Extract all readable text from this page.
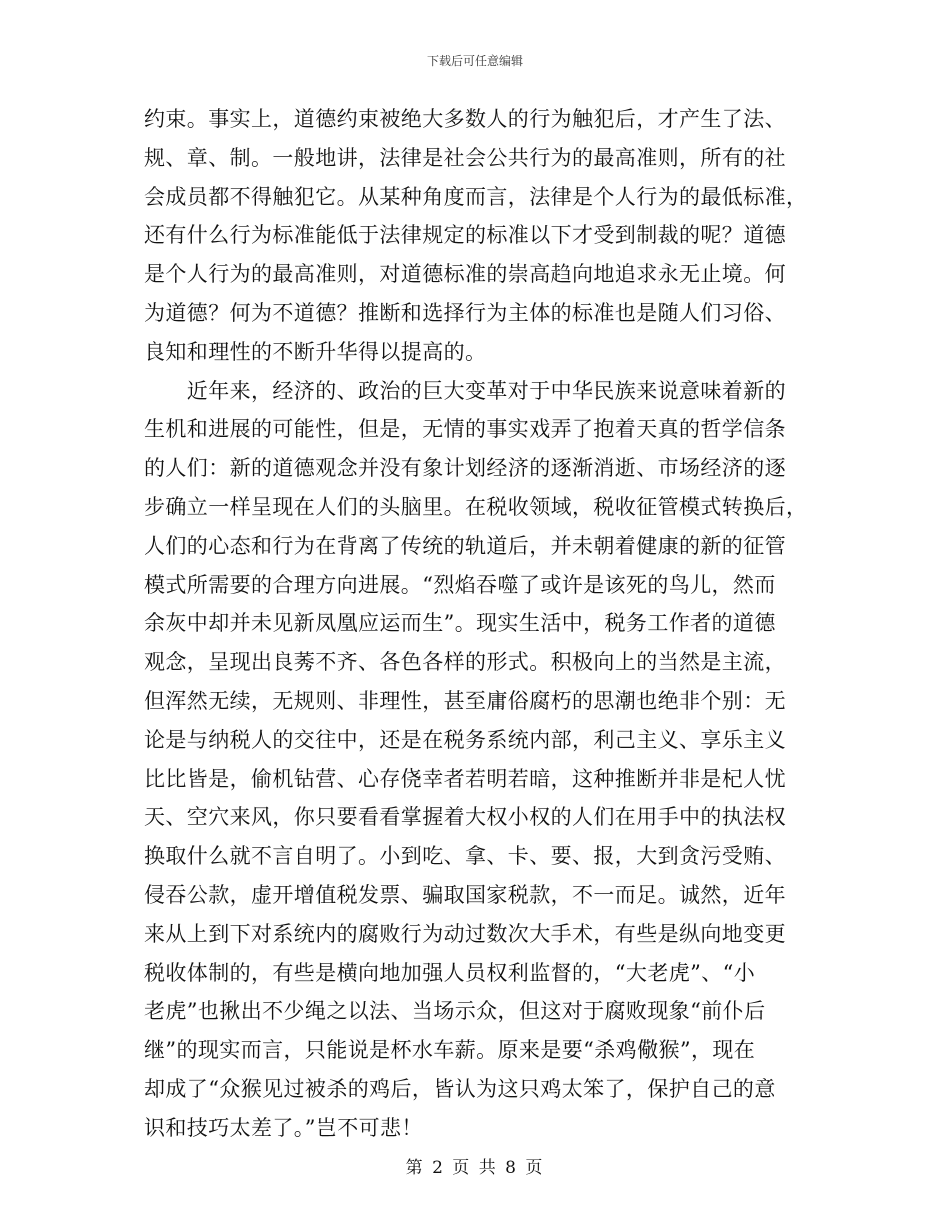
下载后可任意编辑
约束。事实上，道德约束被绝大多数人的行为触犯后，才产生了法、
规、章、制。一般地讲，法律是社会公共行为的最高准则，所有的社
会成员都不得触犯它。从某种角度而言，法律是个人行为的最低标准，
还有什么行为标准能低于法律规定的标准以下才受到制裁的呢？道德
是个人行为的最高准则，对道德标准的崇高趋向地追求永无止境。何
为道德？何为不道德？推断和选择行为主体的标准也是随人们习俗、
良知和理性的不断升华得以提高的。
　　近年来，经济的、政治的巨大变革对于中华民族来说意味着新的
生机和进展的可能性，但是，无情的事实戏弄了抱着天真的哲学信条
的人们：新的道德观念并没有象计划经济的逐渐消逝、市场经济的逐
步确立一样呈现在人们的头脑里。在税收领域，税收征管模式转换后，
人们的心态和行为在背离了传统的轨道后，并未朝着健康的新的征管
模式所需要的合理方向进展。“烈焰吞噬了或许是该死的鸟儿，然而
余灰中却并未见新凤凰应运而生”。现实生活中，税务工作者的道德
观念，呈现出良莠不齐、各色各样的形式。积极向上的当然是主流，
但浑然无续，无规则、非理性，甚至庸俗腐朽的思潮也绝非个别：无
论是与纳税人的交往中，还是在税务系统内部，利己主义、享乐主义
比比皆是，偷机钻营、心存侥幸者若明若暗，这种推断并非是杞人忧
天、空穴来风，你只要看看掌握着大权小权的人们在用手中的执法权
换取什么就不言自明了。小到吃、拿、卡、要、报，大到贪污受贿、
侵吞公款，虚开增值税发票、骗取国家税款，不一而足。诚然，近年
来从上到下对系统内的腐败行为动过数次大手术，有些是纵向地变更
税收体制的，有些是横向地加强人员权利监督的，“大老虎”、“小
老虎”也揪出不少绳之以法、当场示众，但这对于腐败现象“前仆后
继”的现实而言，只能说是杯水车薪。原来是要“杀鸡儆猴”，现在
却成了“众猴见过被杀的鸡后，皆认为这只鸡太笨了，保护自己的意
识和技巧太差了。”岂不可悲！
第 2 页 共 8 页
